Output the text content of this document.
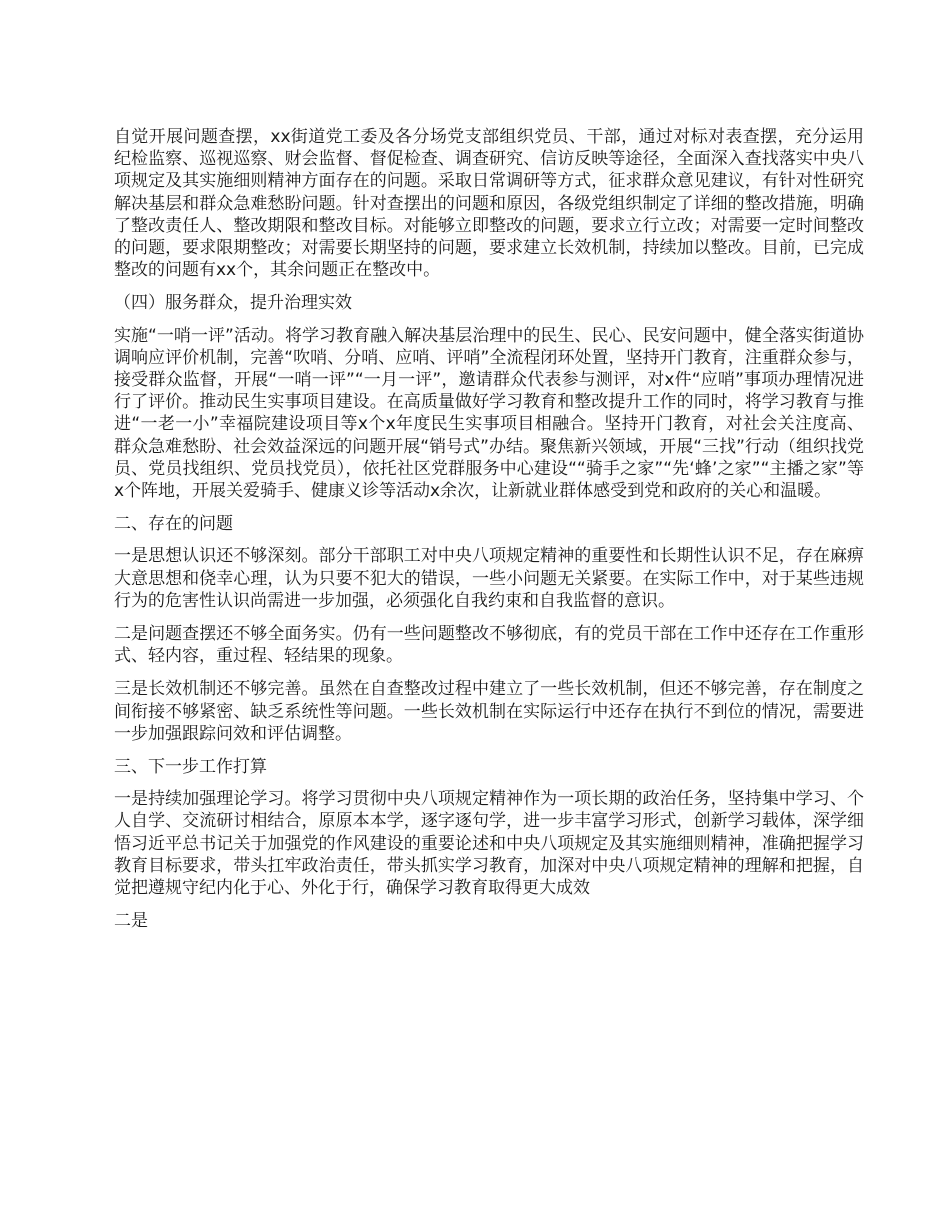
自觉开展问题查摆，xx街道党工委及各分场党支部组织党员、干部，通过对标对表查摆，充分运用纪检监察、巡视巡察、财会监督、督促检查、调查研究、信访反映等途径，全面深入查找落实中央八项规定及其实施细则精神方面存在的问题。采取日常调研等方式，征求群众意见建议，有针对性研究解决基层和群众急难愁盼问题。针对查摆出的问题和原因，各级党组织制定了详细的整改措施，明确了整改责任人、整改期限和整改目标。对能够立即整改的问题，要求立行立改；对需要一定时间整改的问题，要求限期整改；对需要长期坚持的问题，要求建立长效机制，持续加以整改。目前，已完成整改的问题有xx个，其余问题正在整改中。

（四）服务群众，提升治理实效

实施“一哨一评”活动。将学习教育融入解决基层治理中的民生、民心、民安问题中，健全落实街道协调响应评价机制，完善“吹哨、分哨、应哨、评哨”全流程闭环处置，坚持开门教育，注重群众参与，接受群众监督，开展“一哨一评”“一月一评”，邀请群众代表参与测评，对x件“应哨”事项办理情况进行了评价。推动民生实事项目建设。在高质量做好学习教育和整改提升工作的同时，将学习教育与推进“一老一小”幸福院建设项目等x个x年度民生实事项目相融合。坚持开门教育，对社会关注度高、群众急难愁盼、社会效益深远的问题开展“销号式”办结。聚焦新兴领域，开展“三找”行动（组织找党员、党员找组织、党员找党员），依托社区党群服务中心建设““骑手之家”“先‘蜂’之家”“主播之家”等x个阵地，开展关爱骑手、健康义诊等活动x余次，让新就业群体感受到党和政府的关心和温暖。

二、存在的问题

一是思想认识还不够深刻。部分干部职工对中央八项规定精神的重要性和长期性认识不足，存在麻痹大意思想和侥幸心理，认为只要不犯大的错误，一些小问题无关紧要。在实际工作中，对于某些违规行为的危害性认识尚需进一步加强，必须强化自我约束和自我监督的意识。

二是问题查摆还不够全面务实。仍有一些问题整改不够彻底，有的党员干部在工作中还存在工作重形式、轻内容，重过程、轻结果的现象。

三是长效机制还不够完善。虽然在自查整改过程中建立了一些长效机制，但还不够完善，存在制度之间衔接不够紧密、缺乏系统性等问题。一些长效机制在实际运行中还存在执行不到位的情况，需要进一步加强跟踪问效和评估调整。

三、下一步工作打算

一是持续加强理论学习。将学习贯彻中央八项规定精神作为一项长期的政治任务，坚持集中学习、个人自学、交流研讨相结合，原原本本学，逐字逐句学，进一步丰富学习形式，创新学习载体，深学细悟习近平总书记关于加强党的作风建设的重要论述和中央八项规定及其实施细则精神，准确把握学习教育目标要求，带头扛牢政治责任，带头抓实学习教育，加深对中央八项规定精神的理解和把握，自觉把遵规守纪内化于心、外化于行，确保学习教育取得更大成效

二是
